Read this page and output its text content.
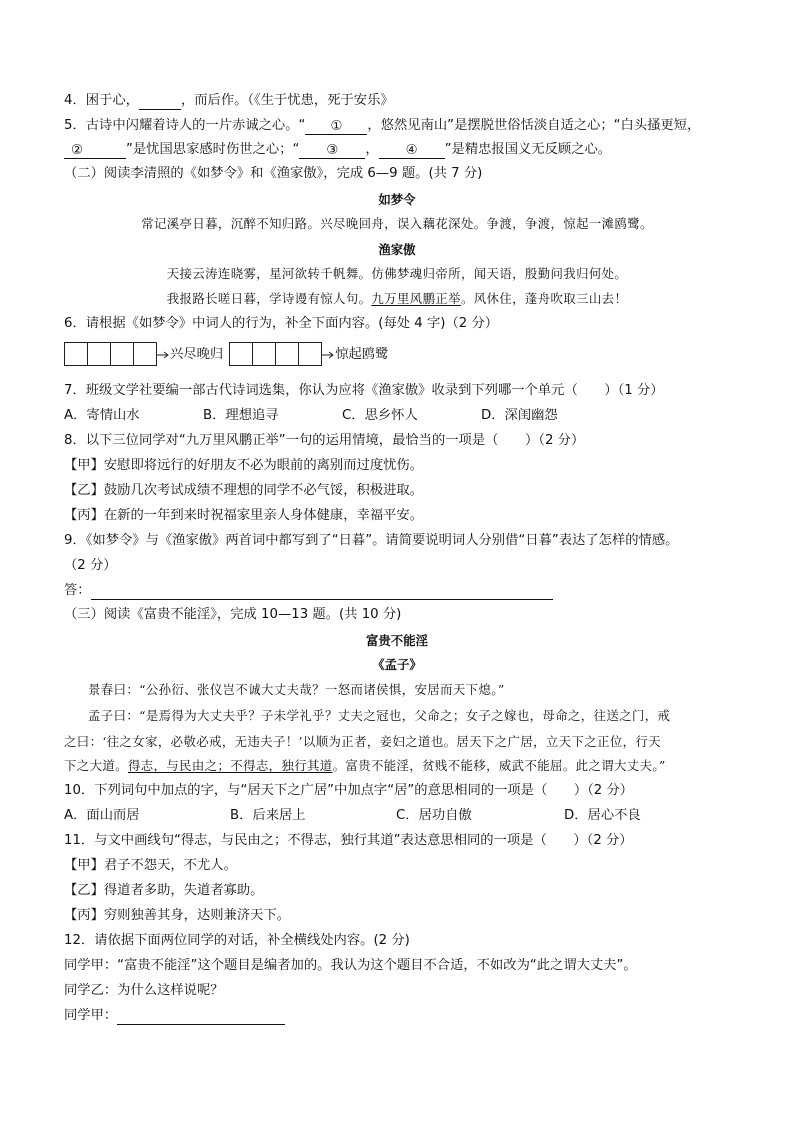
4．困于心，	，而后作。（《生于忧患，死于安乐》
5．古诗中闪耀着诗人的一片赤诚之心。“ ① ，悠然见南山”是摆脱世俗恬淡自适之心；“白头搔更短，
②	”是忧国思家感时伤世之心；“ ③ ， ④ ”是精忠报国义无反顾之心。
（二）阅读李清照的《如梦令》和《渔家傲》，完成 6—9 题。(共 7 分)
如梦令
常记溪亭日暮，沉醉不知归路。兴尽晚回舟，误入藕花深处。争渡，争渡，惊起一滩鸥鹭。
渔家傲
天接云涛连晓雾，星河欲转千帆舞。仿佛梦魂归帝所，闻天语，殷勤问我归何处。
我报路长嗟日暮，学诗谩有惊人句。九万里风鹏正举。风休住，蓬舟吹取三山去！
6．请根据《如梦令》中词人的行为，补全下面内容。(每处 4 字)（2 分）
兴尽晚归	惊起鸥鹭
7．班级文学社要编一部古代诗词选集，你认为应将《渔家傲》收录到下列哪一个单元（　　）（1 分）
A．寄情山水	B．理想追寻	C．思乡怀人	D．深闺幽怨
8．以下三位同学对“九万里风鹏正举”一句的运用情境，最恰当的一项是（　　）（2 分）
【甲】安慰即将远行的好朋友不必为眼前的离别而过度忧伤。
【乙】鼓励几次考试成绩不理想的同学不必气馁，积极进取。
【丙】在新的一年到来时祝福家里亲人身体健康，幸福平安。
9．《如梦令》与《渔家傲》两首词中都写到了“日暮”。请简要说明词人分别借“日暮”表达了怎样的情感。
（2 分）
答：
（三）阅读《富贵不能淫》，完成 10—13 题。(共 10 分)
富贵不能淫
《孟子》
景春曰：“公孙衍、张仪岂不诚大丈夫哉？一怒而诸侯惧，安居而天下熄。”
孟子曰：“是焉得为大丈夫乎？子未学礼乎？丈夫之冠也，父命之；女子之嫁也，母命之，往送之门，戒
之曰：‘往之女家，必敬必戒，无违夫子！’以顺为正者，妾妇之道也。居天下之广居，立天下之正位，行天
下之大道。得志，与民由之；不得志，独行其道。富贵不能淫，贫贱不能移，威武不能屈。此之谓大丈夫。”
10．下列词句中加点的字，与“居天下之广居”中加点字“居”的意思相同的一项是（　　）（2 分）
A．面山而居	B．后来居上	C．居功自傲	D．居心不良
11．与文中画线句“得志，与民由之；不得志，独行其道”表达意思相同的一项是（　　）（2 分）
【甲】君子不怨天，不尤人。
【乙】得道者多助，失道者寡助。
【丙】穷则独善其身，达则兼济天下。
12．请依据下面两位同学的对话，补全横线处内容。(2 分)
同学甲：“富贵不能淫”这个题目是编者加的。我认为这个题目不合适，不如改为“此之谓大丈夫”。
同学乙：为什么这样说呢？
同学甲：
